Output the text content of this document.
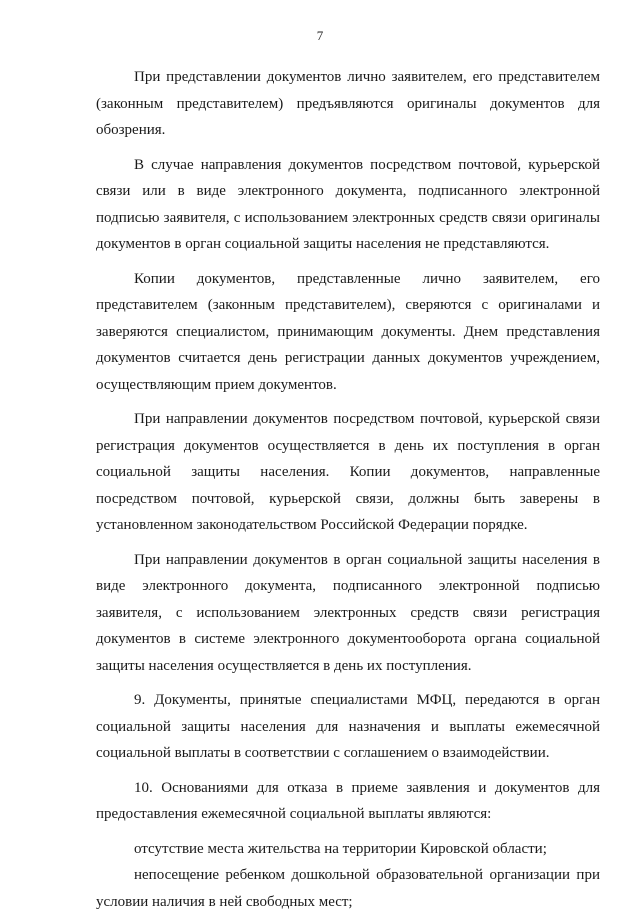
7

При представлении документов лично заявителем, его представителем (законным представителем) предъявляются оригиналы документов для обозрения.

В случае направления документов посредством почтовой, курьерской связи или в виде электронного документа, подписанного электронной подписью заявителя, с использованием электронных средств связи оригиналы документов в орган социальной защиты населения не представляются.

Копии документов, представленные лично заявителем, его представителем (законным представителем), сверяются с оригиналами и заверяются специалистом, принимающим документы. Днем представления документов считается день регистрации данных документов учреждением, осуществляющим прием документов.

При направлении документов посредством почтовой, курьерской связи регистрация документов осуществляется в день их поступления в орган социальной защиты населения. Копии документов, направленные посредством почтовой, курьерской связи, должны быть заверены в установленном законодательством Российской Федерации порядке.

При направлении документов в орган социальной защиты населения в виде электронного документа, подписанного электронной подписью заявителя, с использованием электронных средств связи регистрация документов в системе электронного документооборота органа социальной защиты населения осуществляется в день их поступления.

9. Документы, принятые специалистами МФЦ, передаются в орган социальной защиты населения для назначения и выплаты ежемесячной социальной выплаты в соответствии с соглашением о взаимодействии.

10. Основаниями для отказа в приеме заявления и документов для предоставления ежемесячной социальной выплаты являются:

отсутствие места жительства на территории Кировской области;

непосещение ребенком дошкольной образовательной организации при условии наличия в ней свободных мест;
